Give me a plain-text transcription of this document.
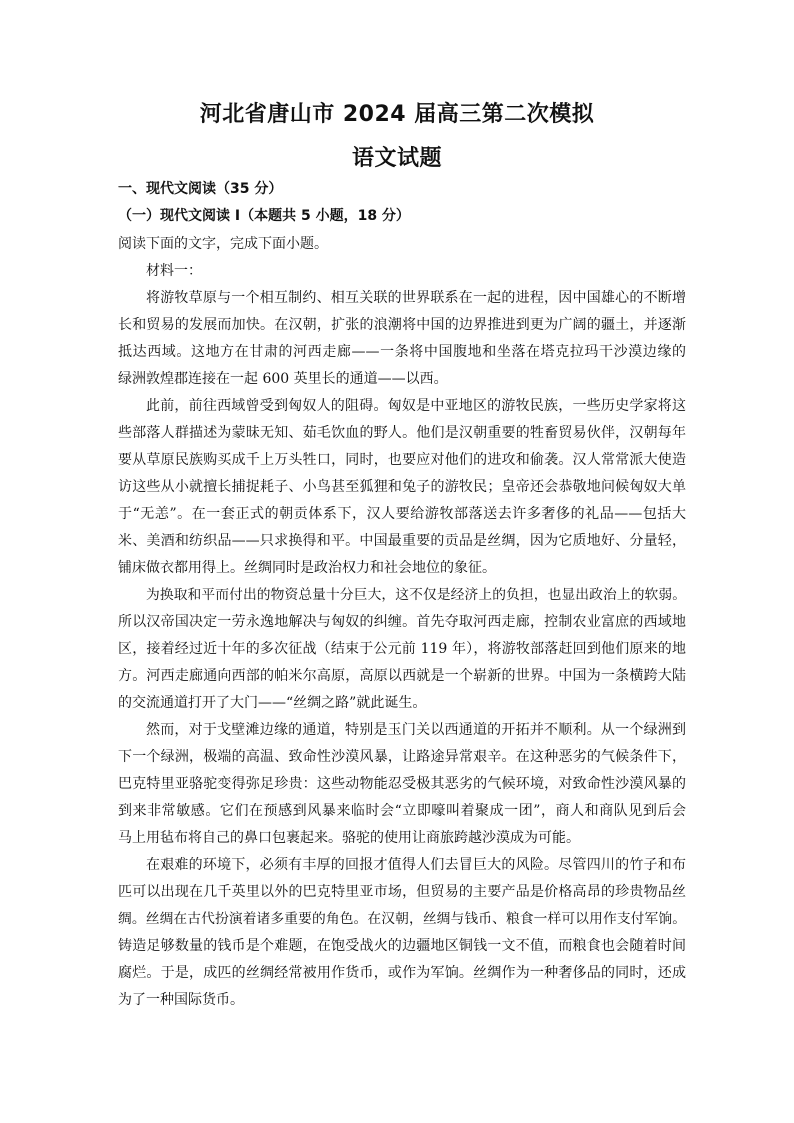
河北省唐山市 2024 届高三第二次模拟
语文试题
一、现代文阅读（35 分）
（一）现代文阅读 I（本题共 5 小题，18 分）
阅读下面的文字，完成下面小题。
材料一：
将游牧草原与一个相互制约、相互关联的世界联系在一起的进程，因中国雄心的不断增
长和贸易的发展而加快。在汉朝，扩张的浪潮将中国的边界推进到更为广阔的疆土，并逐渐
抵达西域。这地方在甘肃的河西走廊——一条将中国腹地和坐落在塔克拉玛干沙漠边缘的
绿洲敦煌郡连接在一起 600 英里长的通道——以西。
此前，前往西域曾受到匈奴人的阻碍。匈奴是中亚地区的游牧民族，一些历史学家将这
些部落人群描述为蒙昧无知、茹毛饮血的野人。他们是汉朝重要的牲畜贸易伙伴，汉朝每年
要从草原民族购买成千上万头牲口，同时，也要应对他们的进攻和偷袭。汉人常常派大使造
访这些从小就擅长捕捉耗子、小鸟甚至狐狸和兔子的游牧民；皇帝还会恭敬地问候匈奴大单
于“无恙”。在一套正式的朝贡体系下，汉人要给游牧部落送去许多奢侈的礼品——包括大
米、美酒和纺织品——只求换得和平。中国最重要的贡品是丝绸，因为它质地好、分量轻，
铺床做衣都用得上。丝绸同时是政治权力和社会地位的象征。
为换取和平而付出的物资总量十分巨大，这不仅是经济上的负担，也显出政治上的软弱。
所以汉帝国决定一劳永逸地解决与匈奴的纠缠。首先夺取河西走廊，控制农业富庶的西域地
区，接着经过近十年的多次征战（结束于公元前 119 年），将游牧部落赶回到他们原来的地
方。河西走廊通向西部的帕米尔高原，高原以西就是一个崭新的世界。中国为一条横跨大陆
的交流通道打开了大门——“丝绸之路”就此诞生。
然而，对于戈壁滩边缘的通道，特别是玉门关以西通道的开拓并不顺利。从一个绿洲到
下一个绿洲，极端的高温、致命性沙漠风暴，让路途异常艰辛。在这种恶劣的气候条件下，
巴克特里亚骆驼变得弥足珍贵：这些动物能忍受极其恶劣的气候环境，对致命性沙漠风暴的
到来非常敏感。它们在预感到风暴来临时会“立即嚎叫着聚成一团”，商人和商队见到后会
马上用毡布将自己的鼻口包裹起来。骆驼的使用让商旅跨越沙漠成为可能。
在艰难的环境下，必须有丰厚的回报才值得人们去冒巨大的风险。尽管四川的竹子和布
匹可以出现在几千英里以外的巴克特里亚市场，但贸易的主要产品是价格高昂的珍贵物品丝
绸。丝绸在古代扮演着诸多重要的角色。在汉朝，丝绸与钱币、粮食一样可以用作支付军饷。
铸造足够数量的钱币是个难题，在饱受战火的边疆地区铜钱一文不值，而粮食也会随着时间
腐烂。于是，成匹的丝绸经常被用作货币，或作为军饷。丝绸作为一种奢侈品的同时，还成
为了一种国际货币。
